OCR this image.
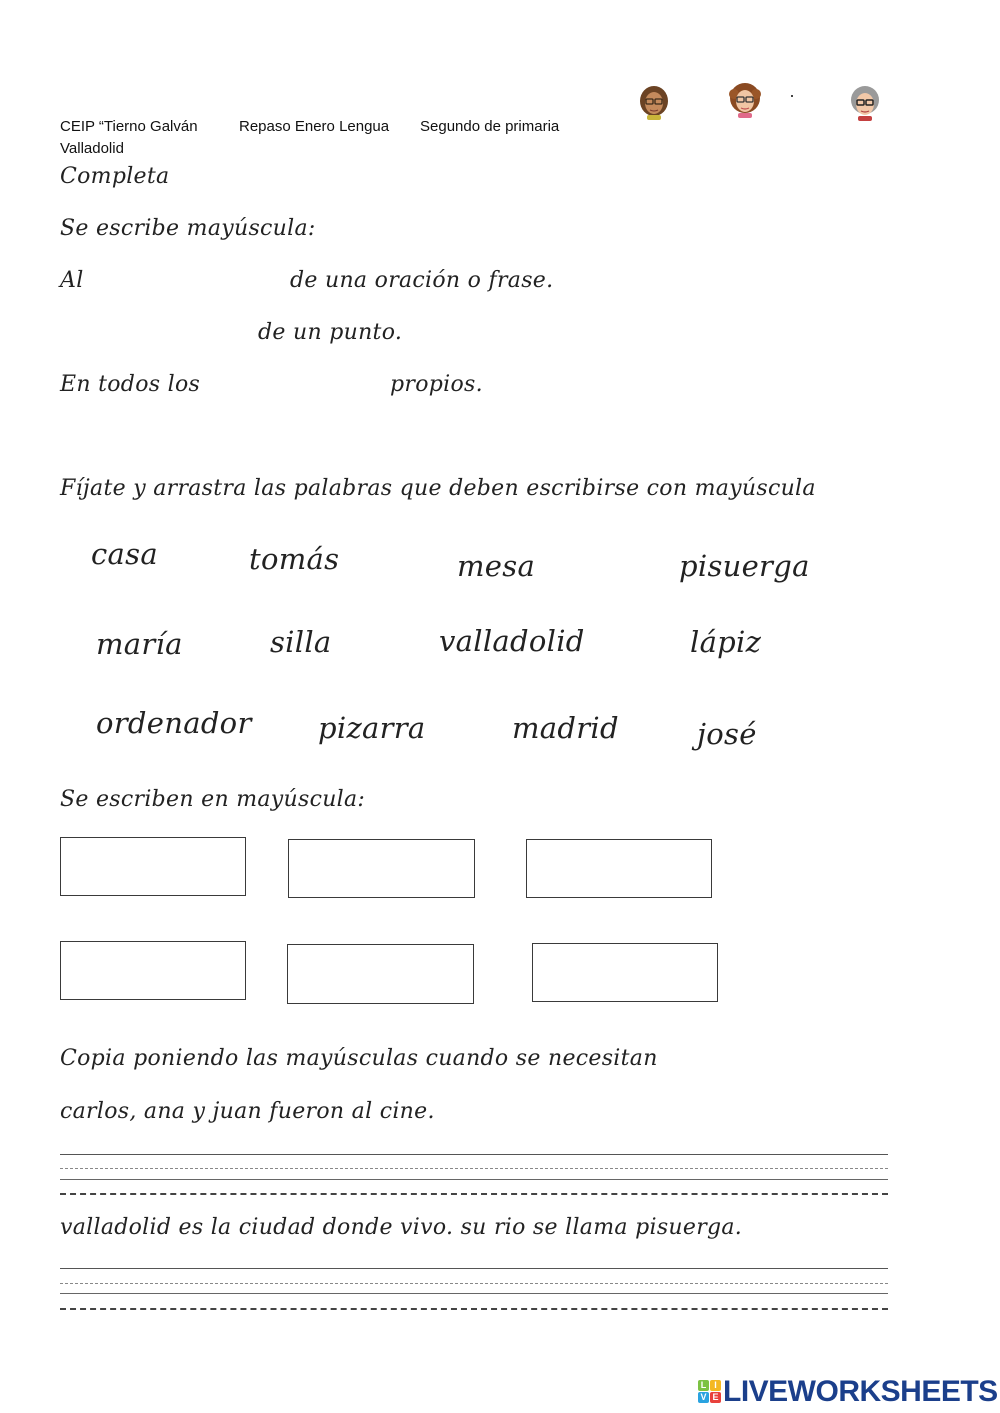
CEIP “Tierno Galván
Valladolid
Repaso Enero Lengua Segundo de primaria
Completa
Se escribe mayúscula:
Al	de una oración o frase.
de un punto.
En todos los	propios.
Fíjate y arrastra las palabras que deben escribirse con mayúscula
casa	tomás	mesa	pisuerga
maría	silla	valladolid	lápiz
ordenador pizarra	madrid	josé
Se escriben en mayúscula:
Copia poniendo las mayúsculas cuando se necesitan
carlos, ana y juan fueron al cine.
valladolid es la ciudad donde vivo. su rio se llama pisuerga.
L I
V E LIVEWORKSHEETS
